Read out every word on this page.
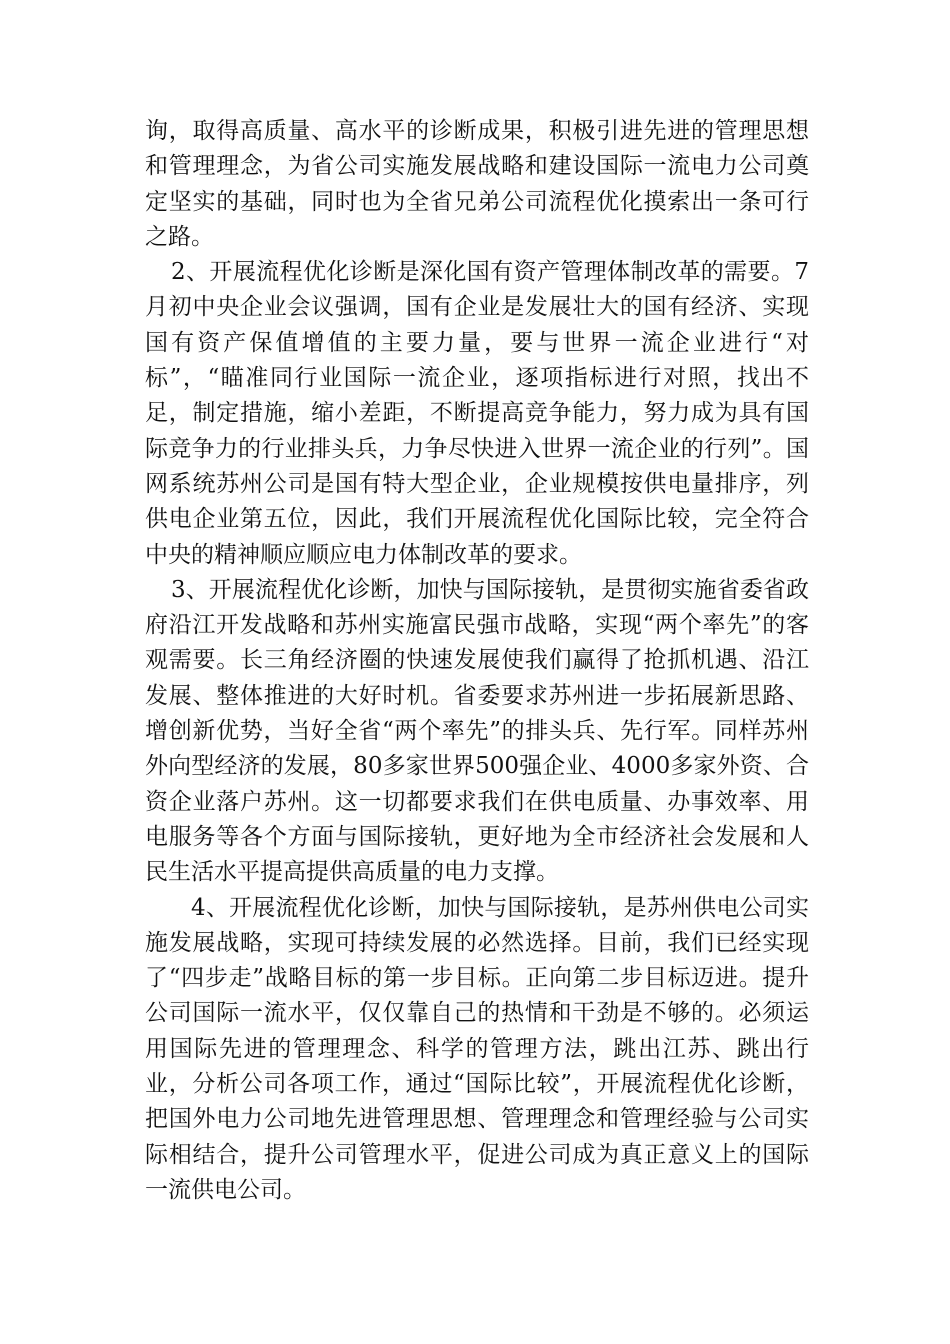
询，取得高质量、高水平的诊断成果，积极引进先进的管理思想和管理理念，为省公司实施发展战略和建设国际一流电力公司奠定坚实的基础，同时也为全省兄弟公司流程优化摸索出一条可行之路。

2、开展流程优化诊断是深化国有资产管理体制改革的需要。7月初中央企业会议强调，国有企业是发展壮大的国有经济、实现国有资产保值增值的主要力量，要与世界一流企业进行“对标”，“瞄准同行业国际一流企业，逐项指标进行对照，找出不足，制定措施，缩小差距，不断提高竞争能力，努力成为具有国际竞争力的行业排头兵，力争尽快进入世界一流企业的行列”。国网系统苏州公司是国有特大型企业，企业规模按供电量排序，列供电企业第五位，因此，我们开展流程优化国际比较，完全符合中央的精神顺应顺应电力体制改革的要求。

3、开展流程优化诊断，加快与国际接轨，是贯彻实施省委省政府沿江开发战略和苏州实施富民强市战略，实现“两个率先”的客观需要。长三角经济圈的快速发展使我们赢得了抢抓机遇、沿江发展、整体推进的大好时机。省委要求苏州进一步拓展新思路、增创新优势，当好全省“两个率先”的排头兵、先行军。同样苏州外向型经济的发展，80多家世界500强企业、4000多家外资、合资企业落户苏州。这一切都要求我们在供电质量、办事效率、用电服务等各个方面与国际接轨，更好地为全市经济社会发展和人民生活水平提高提供高质量的电力支撑。

4、开展流程优化诊断，加快与国际接轨，是苏州供电公司实施发展战略，实现可持续发展的必然选择。目前，我们已经实现了“四步走”战略目标的第一步目标。正向第二步目标迈进。提升公司国际一流水平，仅仅靠自己的热情和干劲是不够的。必须运用国际先进的管理理念、科学的管理方法，跳出江苏、跳出行业，分析公司各项工作，通过“国际比较”，开展流程优化诊断，把国外电力公司地先进管理思想、管理理念和管理经验与公司实际相结合，提升公司管理水平，促进公司成为真正意义上的国际一流供电公司。
